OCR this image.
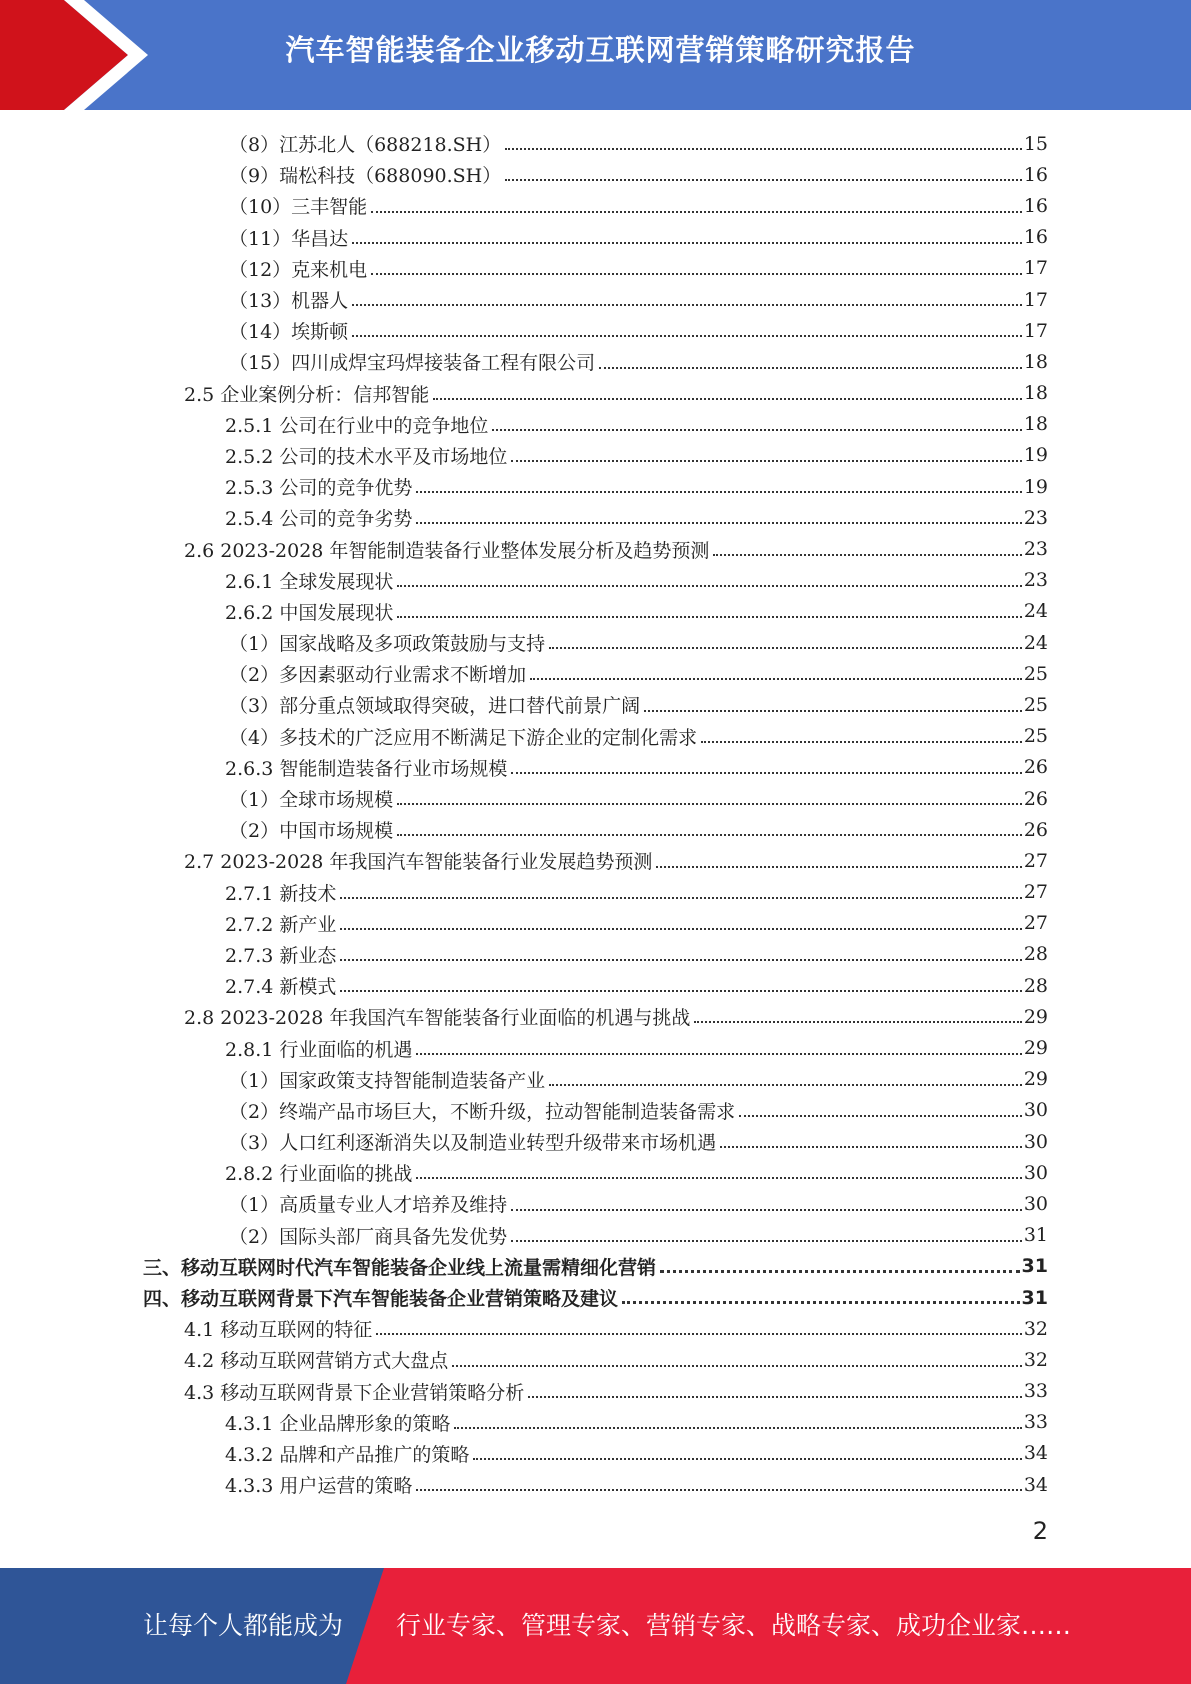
汽车智能装备企业移动互联网营销策略研究报告
（8）江苏北人（688218.SH）	15
（9）瑞松科技（688090.SH）	16
（10）三丰智能	16
（11）华昌达	16
（12）克来机电	17
（13）机器人	17
（14）埃斯顿	17
（15）四川成焊宝玛焊接装备工程有限公司	18
2.5 企业案例分析：信邦智能	18
2.5.1 公司在行业中的竞争地位	18
2.5.2 公司的技术水平及市场地位	19
2.5.3 公司的竞争优势	19
2.5.4 公司的竞争劣势	23
2.6 2023-2028 年智能制造装备行业整体发展分析及趋势预测	23
2.6.1 全球发展现状	23
2.6.2 中国发展现状	24
（1）国家战略及多项政策鼓励与支持	24
（2）多因素驱动行业需求不断增加	25
（3）部分重点领域取得突破，进口替代前景广阔	25
（4）多技术的广泛应用不断满足下游企业的定制化需求	25
2.6.3 智能制造装备行业市场规模	26
（1）全球市场规模	26
（2）中国市场规模	26
2.7 2023-2028 年我国汽车智能装备行业发展趋势预测	27
2.7.1 新技术	27
2.7.2 新产业	27
2.7.3 新业态	28
2.7.4 新模式	28
2.8 2023-2028 年我国汽车智能装备行业面临的机遇与挑战	29
2.8.1 行业面临的机遇	29
（1）国家政策支持智能制造装备产业	29
（2）终端产品市场巨大，不断升级，拉动智能制造装备需求	30
（3）人口红利逐渐消失以及制造业转型升级带来市场机遇	30
2.8.2 行业面临的挑战	30
（1）高质量专业人才培养及维持	30
（2）国际头部厂商具备先发优势	31
三、移动互联网时代汽车智能装备企业线上流量需精细化营销	31
四、移动互联网背景下汽车智能装备企业营销策略及建议	31
4.1 移动互联网的特征	32
4.2 移动互联网营销方式大盘点	32
4.3 移动互联网背景下企业营销策略分析	33
4.3.1 企业品牌形象的策略	33
4.3.2 品牌和产品推广的策略	34
4.3.3 用户运营的策略	34
2
让每个人都能成为 行业专家、管理专家、营销专家、战略专家、成功企业家……
